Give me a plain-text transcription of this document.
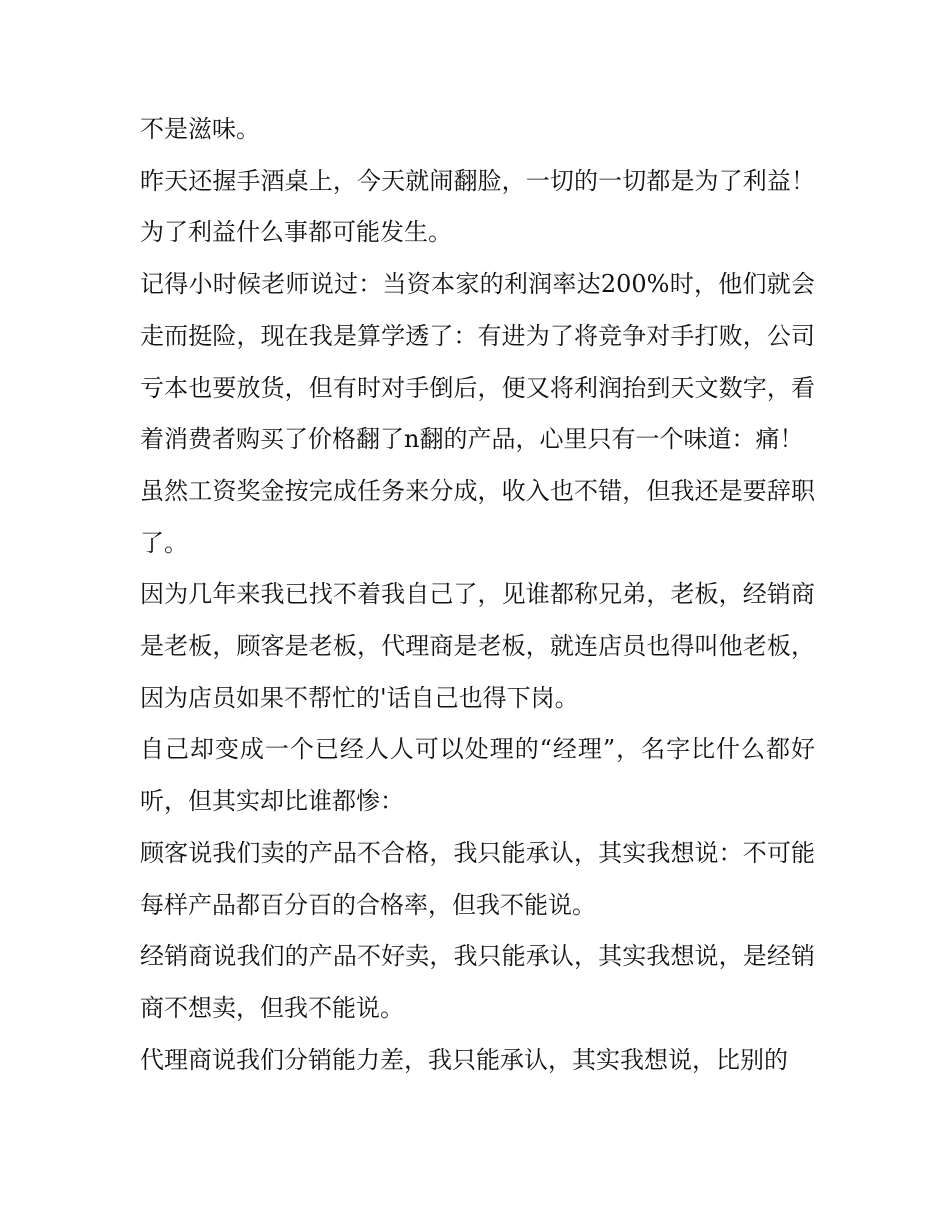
不是滋味。

昨天还握手酒桌上，今天就闹翻脸，一切的一切都是为了利益！为了利益什么事都可能发生。

记得小时候老师说过：当资本家的利润率达200%时，他们就会走而挺险，现在我是算学透了：有进为了将竞争对手打败，公司亏本也要放货，但有时对手倒后，便又将利润抬到天文数字，看着消费者购买了价格翻了n翻的产品，心里只有一个味道：痛！

虽然工资奖金按完成任务来分成，收入也不错，但我还是要辞职了。

因为几年来我已找不着我自己了，见谁都称兄弟，老板，经销商是老板，顾客是老板，代理商是老板，就连店员也得叫他老板，因为店员如果不帮忙的'话自己也得下岗。

自己却变成一个已经人人可以处理的“经理”，名字比什么都好听，但其实却比谁都惨：

顾客说我们卖的产品不合格，我只能承认，其实我想说：不可能每样产品都百分百的合格率，但我不能说。

经销商说我们的产品不好卖，我只能承认，其实我想说，是经销商不想卖，但我不能说。

代理商说我们分销能力差，我只能承认，其实我想说，比别的
